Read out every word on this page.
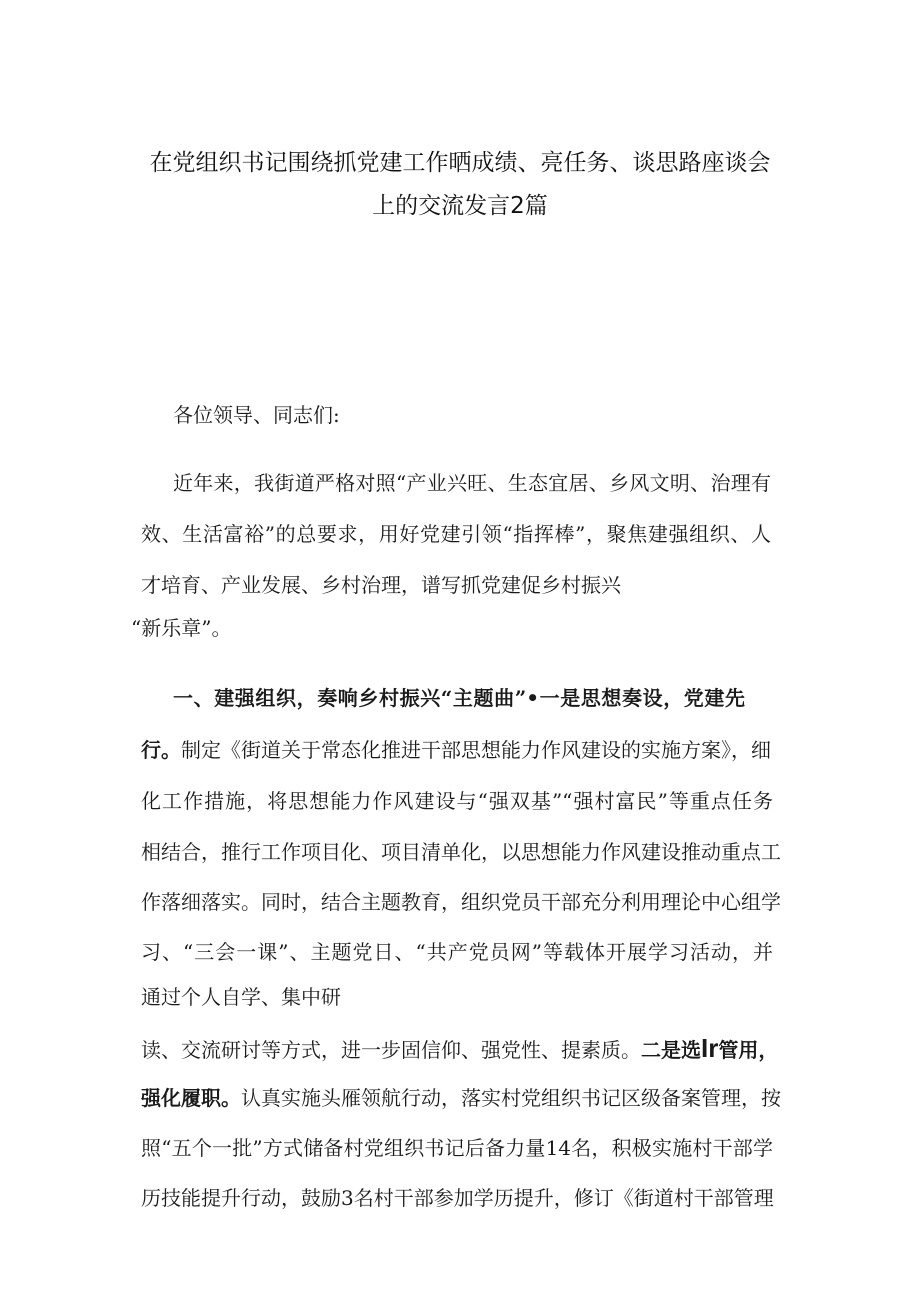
在党组织书记围绕抓党建工作晒成绩、亮任务、谈思路座谈会
上的交流发言2篇
各位领导、同志们:
近年来，我街道严格对照“产业兴旺、生态宜居、乡风文明、治理有
效、生活富裕”的总要求，用好党建引领“指挥棒”，聚焦建强组织、人
才培育、产业发展、乡村治理，谱写抓党建促乡村振兴
“新乐章”。
一、建强组织，奏响乡村振兴“主题曲”•一是思想奏设，党建先
行。制定《街道关于常态化推进干部思想能力作风建设的实施方案》，细
化工作措施，将思想能力作风建设与“强双基”“强村富民”等重点任务
相结合，推行工作项目化、项目清单化，以思想能力作风建设推动重点工
作落细落实。同时，结合主题教育，组织党员干部充分利用理论中心组学
习、“三会一课”、主题党日、“共产党员网”等载体开展学习活动，并
通过个人自学、集中研
读、交流研讨等方式，进一步固信仰、强党性、提素质。二是选Ir管用，
强化履职。认真实施头雁领航行动，落实村党组织书记区级备案管理，按
照“五个一批”方式储备村党组织书记后备力量14名，积极实施村干部学
历技能提升行动，鼓励3名村干部参加学历提升，修订《街道村干部管理
